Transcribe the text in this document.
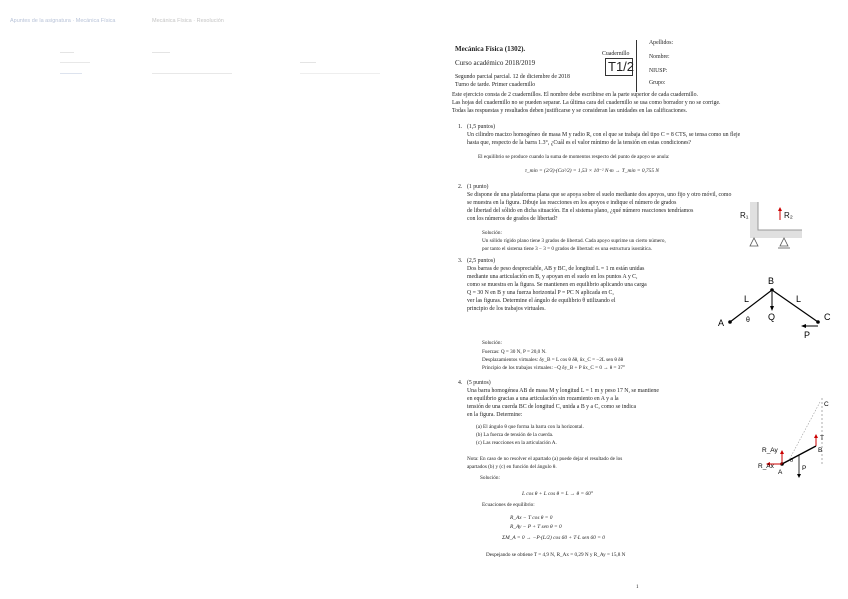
Apuntes de la asignatura · Mecánica Física	Mecánica Física · Resolución
Mecánica Física (1302).
Curso académico 2018/2019
Segundo parcial parcial. 12 de diciembre de 2018
Turno de tarde. Primer cuadernillo
Cuadernillo
T1/2
Apellidos:
Nombre:
NIUSP:
Grupo:
Este ejercicio consta de 2 cuadernillos. El nombre debe escribirse en la parte superior de cada cuadernillo.
Las hojas del cuadernillo no se pueden separar. La última cara del cuadernillo se usa como borrador y no se corrige.
Todas las respuestas y resultados deben justificarse y se consideran las unidades en las calificaciones.
1. (1,5 puntos)
Un cilindro macizo homogéneo de masa M y radio R, con el que se trabaja del tipo C = 8 CTS, se tensa como un fleje
hasta que, respecto de la barra 1.3°, ¿Cuál es el valor mínimo de la tensión en estas condiciones?
El equilibrio se produce cuando la suma de momentos respecto del punto de apoyo se anula:
τ_min = (2/3)·(Ca²/2) = 1,53 × 10⁻² N·m → T_min = 0,755 N
2. (1 punto)
Se dispone de una plataforma plana que se apoya sobre el suelo mediante dos apoyos, uno fijo y otro móvil, como
se muestra en la figura. Dibuje las reacciones en los apoyos e indique el número de grados
de libertad del sólido en dicha situación. En el sistema plano, ¿qué número reacciones tendríamos
con los números de grados de libertad?
Solución:
Un sólido rígido plano tiene 3 grados de libertad. Cada apoyo suprime un cierto número,
por tanto el sistema tiene 3 − 3 = 0 grados de libertad: es una estructura isostática.
R₁	R₂
3. (2,5 puntos)
Dos barras de peso despreciable, AB y BC, de longitud L = 1 m están unidas
mediante una articulación en B, y apoyan en el suelo en los puntos A y C,
como se muestra en la figura. Se mantienen en equilibrio aplicando una carga
Q = 30 N en B y una fuerza horizontal P = PC N aplicada en C,
ver las figuras. Determine el ángulo de equilibrio θ utilizando el
principio de los trabajos virtuales.
Solución:
Fuerzas: Q = 30 N, P = 20,0 N.
Desplazamientos virtuales: δy_B = L cos θ δθ, δx_C = −2L sen θ δθ
Principio de los trabajos virtuales: −Q δy_B + P δx_C = 0 → θ = 37°
A
B
C
L	L
θ Q
P
4. (5 puntos)
Una barra homogénea AB de masa M y longitud L = 1 m y peso 17 N, se mantiene
en equilibrio gracias a una articulación sin rozamiento en A y a la
tensión de una cuerda BC de longitud C, unida a B y a C, como se indica
en la figura. Determine:
(a) El ángulo θ que forma la barra con la horizontal.
(b) La fuerza de tensión de la cuerda.
(c) Las reacciones en la articulación A.
Nota: En caso de no resolver el apartado (a) puede dejar el resultado de los
apartados (b) y (c) en función del ángulo θ.
Solución:
L cos θ + L cos θ = L → θ = 60°
Ecuaciones de equilibrio:
R_Ax − T cos θ = 0
R_Ay − P + T sen θ = 0
ΣM_A = 0 → −P·(L/2) cos 60 + T·L sen 60 = 0
Despejando se obtiene T = 4,9 N, R_Ax = 0,29 N y R_Ay = 15,8 N
R_Ay
R_Ax
A
B
T
P
θ
C
1
